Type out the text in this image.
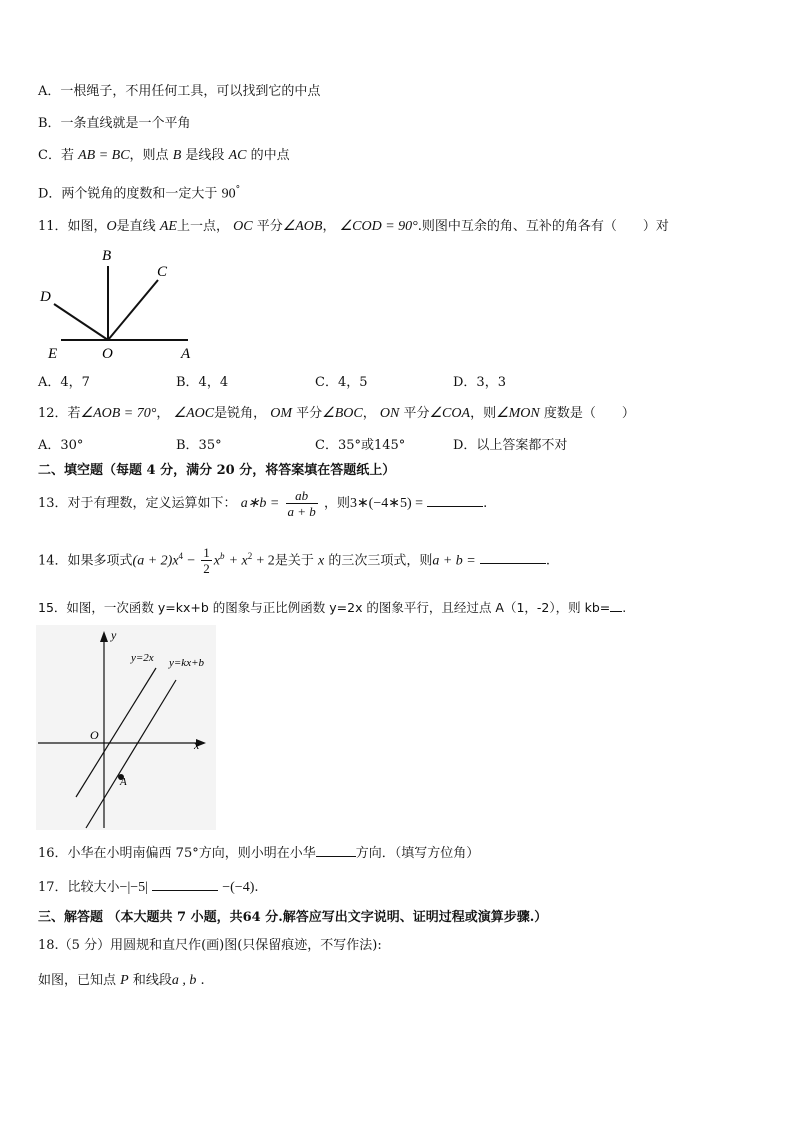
A．一根绳子，不用任何工具，可以找到它的中点
B．一条直线就是一个平角
C．若 AB = BC，则点 B 是线段 AC 的中点
D．两个锐角的度数和一定大于 90°
11．如图，O是直线 AE上一点， OC 平分∠AOB， ∠COD = 90°.则图中互余的角、互补的角各有（　　）对
B
C
D
E	O	A
A．4，7	B．4，4	C．4，5	D．3，3
12．若∠AOB = 70°， ∠AOC是锐角， OM 平分∠BOC， ON 平分∠COA，则∠MON 度数是（　　）
A．30°	B．35°	C．35°或145°	D．以上答案都不对
二、填空题（每题 4 分，满分 20 分，将答案填在答题纸上）
13．对于有理数，定义运算如下： a∗b = $\frac{ab}{a + b}$ ，则3∗(−4∗5) =	.
14．如果多项式$(a + 2)x^4 - \frac{1}{2} x^b + x^2 + 2$是关于 x 的三次三项式，则a + b =	.
15．如图，一次函数 y=kx+b 的图象与正比例函数 y=2x 的图象平行，且经过点 A（1，-2），则 kb= .
y
x
O
A
y=2x y=kx+b
16．小华在小明南偏西 75°方向，则小明在小华	方向．（填写方位角）
17．比较大小−|−5|	−(−4).
三、解答题 （本大题共 7 小题，共64 分.解答应写出文字说明、证明过程或演算步骤.）
18.（5 分）用圆规和直尺作(画)图(只保留痕迹，不写作法):
如图，已知点 P 和线段a , b .
